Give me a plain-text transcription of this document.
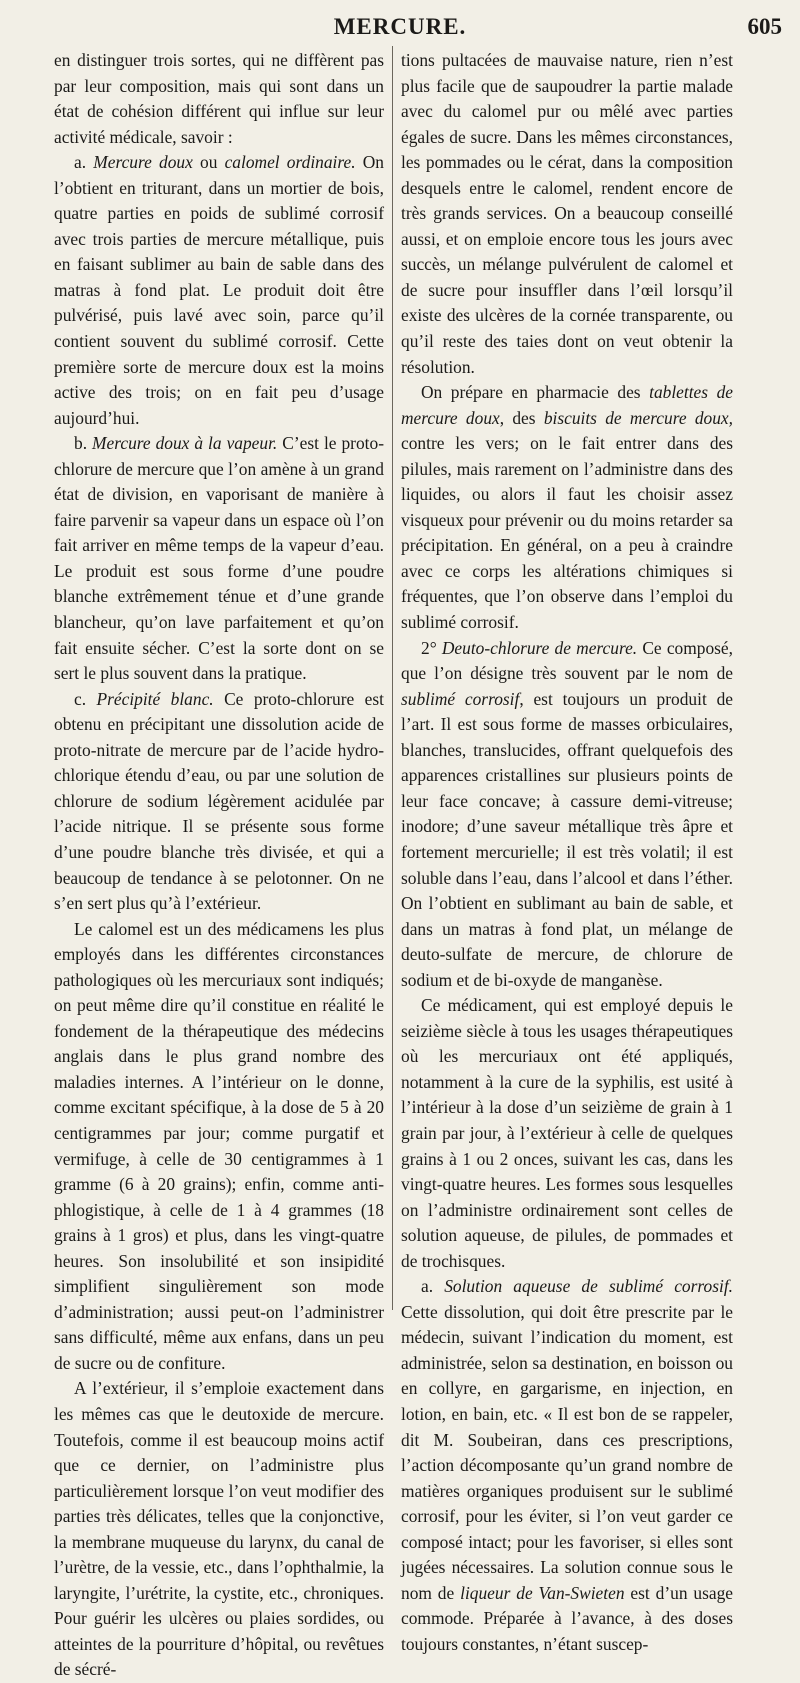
MERCURE.	605

en distinguer trois sortes, qui ne diffèrent pas par leur composition, mais qui sont dans un état de cohésion différent qui influe sur leur activité médicale, savoir :

a. Mercure doux ou calomel ordinaire. On l’obtient en triturant, dans un mortier de bois, quatre parties en poids de sublimé corrosif avec trois parties de mercure métallique, puis en faisant sublimer au bain de sable dans des matras à fond plat. Le produit doit être pulvérisé, puis lavé avec soin, parce qu’il contient souvent du sublimé corrosif. Cette première sorte de mercure doux est la moins active des trois; on en fait peu d’usage aujourd’hui.

b. Mercure doux à la vapeur. C’est le proto-chlorure de mercure que l’on amène à un grand état de division, en vaporisant de manière à faire parvenir sa vapeur dans un espace où l’on fait arriver en même temps de la vapeur d’eau. Le produit est sous forme d’une poudre blanche extrêmement ténue et d’une grande blancheur, qu’on lave parfaitement et qu’on fait ensuite sécher. C’est la sorte dont on se sert le plus souvent dans la pratique.

c. Précipité blanc. Ce proto-chlorure est obtenu en précipitant une dissolution acide de proto-nitrate de mercure par de l’acide hydro-chlorique étendu d’eau, ou par une solution de chlorure de sodium légèrement acidulée par l’acide nitrique. Il se présente sous forme d’une poudre blanche très divisée, et qui a beaucoup de tendance à se pelotonner. On ne s’en sert plus qu’à l’extérieur.

Le calomel est un des médicamens les plus employés dans les différentes circonstances pathologiques où les mercuriaux sont indiqués; on peut même dire qu’il constitue en réalité le fondement de la thérapeutique des médecins anglais dans le plus grand nombre des maladies internes. A l’intérieur on le donne, comme excitant spécifique, à la dose de 5 à 20 centigrammes par jour; comme purgatif et vermifuge, à celle de 30 centigrammes à 1 gramme (6 à 20 grains); enfin, comme anti-phlogistique, à celle de 1 à 4 grammes (18 grains à 1 gros) et plus, dans les vingt-quatre heures. Son insolubilité et son insipidité simplifient singulièrement son mode d’administration; aussi peut-on l’administrer sans difficulté, même aux enfans, dans un peu de sucre ou de confiture.

A l’extérieur, il s’emploie exactement dans les mêmes cas que le deutoxide de mercure. Toutefois, comme il est beaucoup moins actif que ce dernier, on l’administre plus particulièrement lorsque l’on veut modifier des parties très délicates, telles que la conjonctive, la membrane muqueuse du larynx, du canal de l’urètre, de la vessie, etc., dans l’ophthalmie, la laryngite, l’urétrite, la cystite, etc., chroniques. Pour guérir les ulcères ou plaies sordides, ou atteintes de la pourriture d’hôpital, ou revêtues de sécré-

tions pultacées de mauvaise nature, rien n’est plus facile que de saupoudrer la partie malade avec du calomel pur ou mêlé avec parties égales de sucre. Dans les mêmes circonstances, les pommades ou le cérat, dans la composition desquels entre le calomel, rendent encore de très grands services. On a beaucoup conseillé aussi, et on emploie encore tous les jours avec succès, un mélange pulvérulent de calomel et de sucre pour insuffler dans l’œil lorsqu’il existe des ulcères de la cornée transparente, ou qu’il reste des taies dont on veut obtenir la résolution.

On prépare en pharmacie des tablettes de mercure doux, des biscuits de mercure doux, contre les vers; on le fait entrer dans des pilules, mais rarement on l’administre dans des liquides, ou alors il faut les choisir assez visqueux pour prévenir ou du moins retarder sa précipitation. En général, on a peu à craindre avec ce corps les altérations chimiques si fréquentes, que l’on observe dans l’emploi du sublimé corrosif.

2° Deuto-chlorure de mercure. Ce composé, que l’on désigne très souvent par le nom de sublimé corrosif, est toujours un produit de l’art. Il est sous forme de masses orbiculaires, blanches, translucides, offrant quelquefois des apparences cristallines sur plusieurs points de leur face concave; à cassure demi-vitreuse; inodore; d’une saveur métallique très âpre et fortement mercurielle; il est très volatil; il est soluble dans l’eau, dans l’alcool et dans l’éther. On l’obtient en sublimant au bain de sable, et dans un matras à fond plat, un mélange de deuto-sulfate de mercure, de chlorure de sodium et de bi-oxyde de manganèse.

Ce médicament, qui est employé depuis le seizième siècle à tous les usages thérapeutiques où les mercuriaux ont été appliqués, notamment à la cure de la syphilis, est usité à l’intérieur à la dose d’un seizième de grain à 1 grain par jour, à l’extérieur à celle de quelques grains à 1 ou 2 onces, suivant les cas, dans les vingt-quatre heures. Les formes sous lesquelles on l’administre ordinairement sont celles de solution aqueuse, de pilules, de pommades et de trochisques.

a. Solution aqueuse de sublimé corrosif. Cette dissolution, qui doit être prescrite par le médecin, suivant l’indication du moment, est administrée, selon sa destination, en boisson ou en collyre, en gargarisme, en injection, en lotion, en bain, etc. « Il est bon de se rappeler, dit M. Soubeiran, dans ces prescriptions, l’action décomposante qu’un grand nombre de matières organiques produisent sur le sublimé corrosif, pour les éviter, si l’on veut garder ce composé intact; pour les favoriser, si elles sont jugées nécessaires. La solution connue sous le nom de liqueur de Van-Swieten est d’un usage commode. Préparée à l’avance, à des doses toujours constantes, n’étant suscep-
